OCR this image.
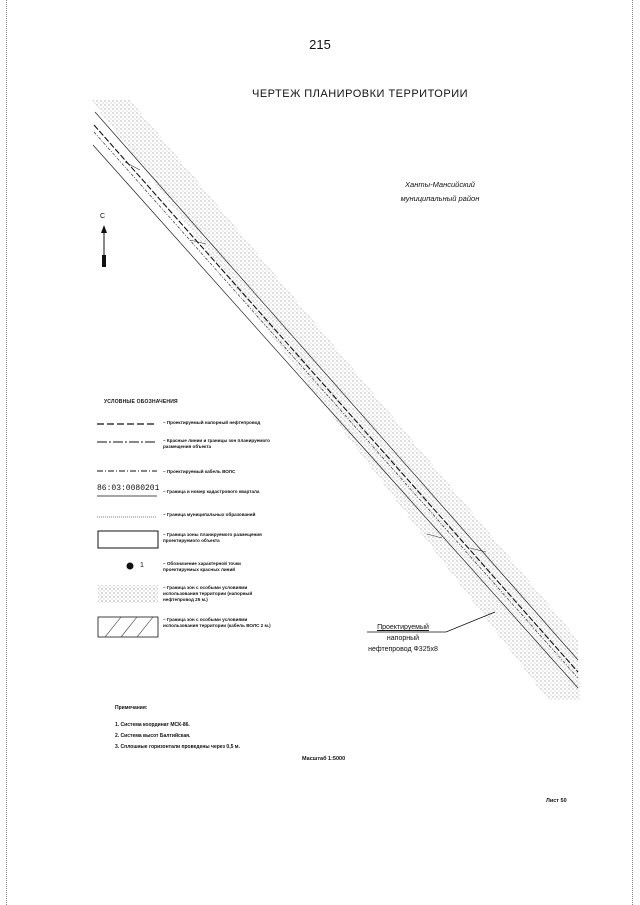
215
ЧЕРТЕЖ ПЛАНИРОВКИ ТЕРРИТОРИИ
С
Ханты-Мансийский
муниципальный район
УСЛОВНЫЕ ОБОЗНАЧЕНИЯ
– Проектируемый напорный нефтепровод
– Красные линии и границы зон планируемого размещения объекта
– Проектируемый кабель ВОЛС
86:03:0080201 – Граница и номер кадастрового квартала
– Граница муниципальных образований
– Граница зоны планируемого размещения проектируемого объекта
1	– Обозначение характерной точки проектируемых красных линий
– Граница зон с особыми условиями использования территории (напорный нефтепровод 25 м.)
– Граница зон с особыми условиями использования территории (кабель ВОЛС 2 м.)	Проектируемый
напорный
нефтепровод Ф325х8
Примечания:
1. Система координат МСК-86.
2. Система высот Балтийская.
3. Сплошные горизонтали проведены через 0,5 м.
Масштаб 1:5000
Лист 50
